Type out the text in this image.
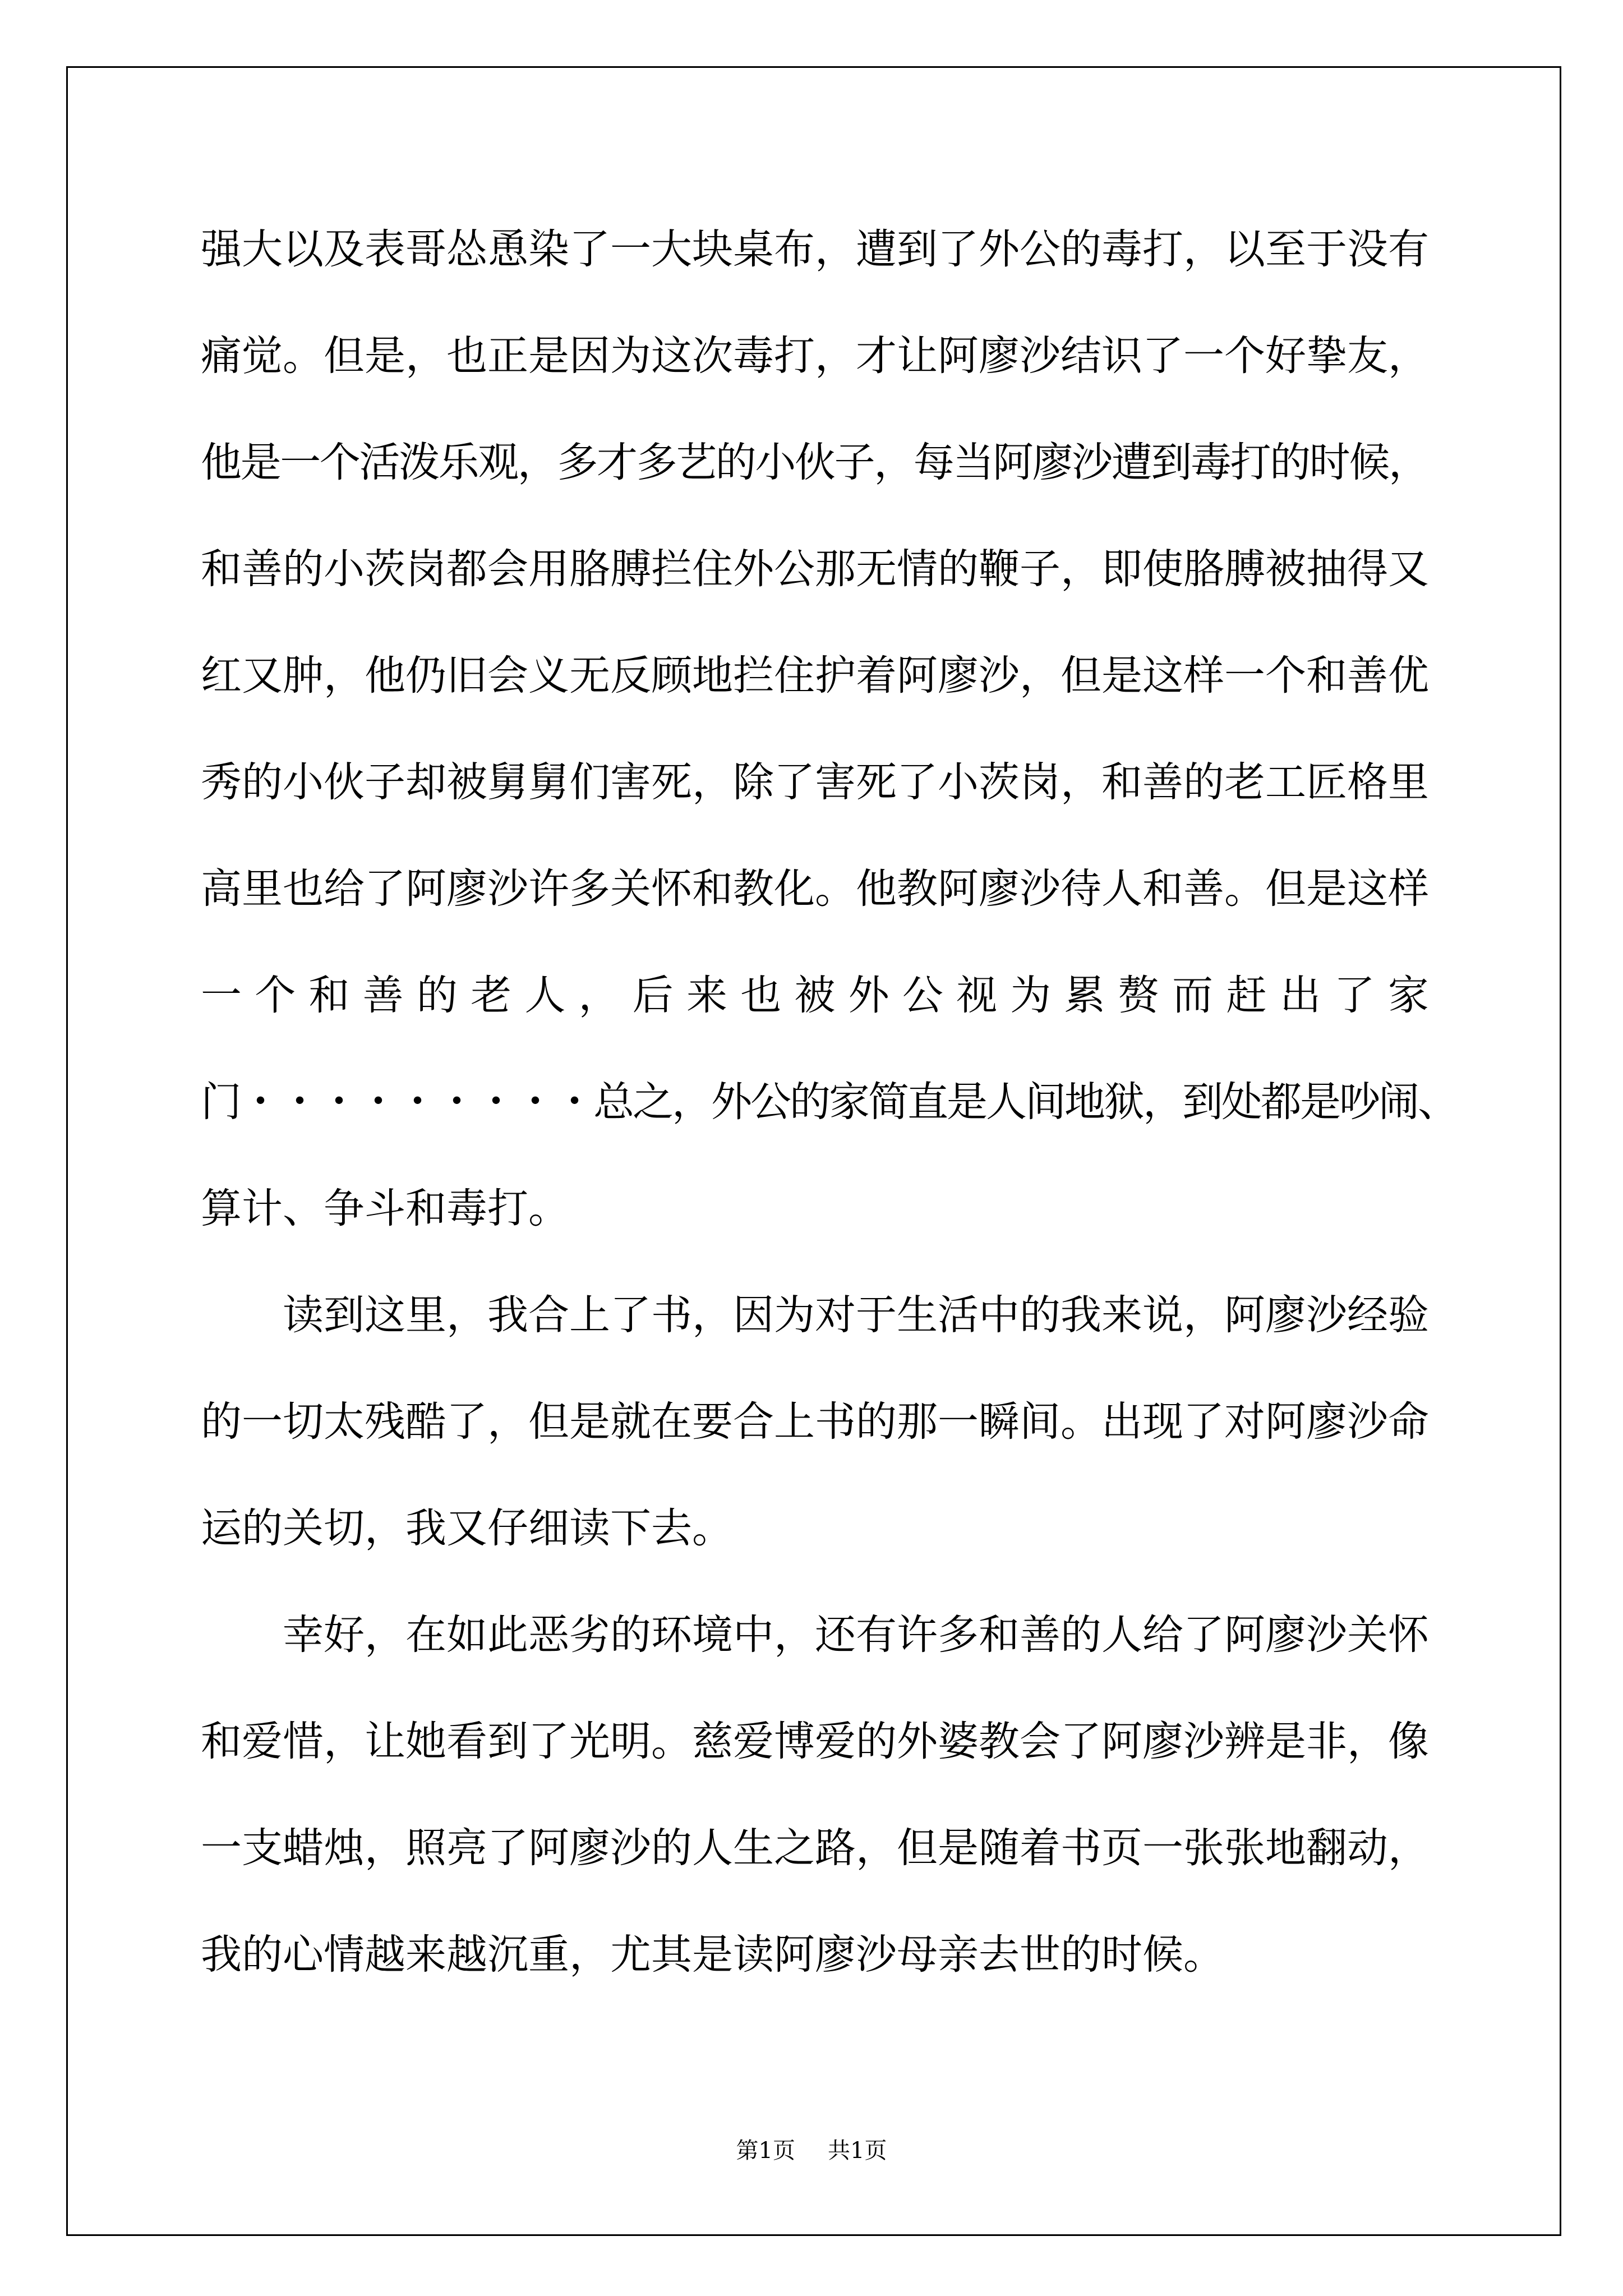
强大以及表哥怂恿染了一大块桌布，遭到了外公的毒打，以至于没有
痛觉。但是，也正是因为这次毒打，才让阿廖沙结识了一个好挚友，
他是一个活泼乐观，多才多艺的小伙子，每当阿廖沙遭到毒打的时候，
和善的小茨岗都会用胳膊拦住外公那无情的鞭子，即使胳膊被抽得又
红又肿，他仍旧会义无反顾地拦住护着阿廖沙，但是这样一个和善优
秀的小伙子却被舅舅们害死，除了害死了小茨岗，和善的老工匠格里
高里也给了阿廖沙许多关怀和教化。他教阿廖沙待人和善。但是这样
一 个 和 善 的 老 人 ， 后 来 也 被 外 公 视 为 累 赘 而 赶 出 了 家
门・・・・・・・・・总之，外公的家简直是人间地狱，到处都是吵闹、
算计、争斗和毒打。
读到这里，我合上了书，因为对于生活中的我来说，阿廖沙经验
的一切太残酷了，但是就在要合上书的那一瞬间。出现了对阿廖沙命
运的关切，我又仔细读下去。
幸好，在如此恶劣的环境中，还有许多和善的人给了阿廖沙关怀
和爱惜，让她看到了光明。慈爱博爱的外婆教会了阿廖沙辨是非，像
一支蜡烛，照亮了阿廖沙的人生之路，但是随着书页一张张地翻动，
我的心情越来越沉重，尤其是读阿廖沙母亲去世的时候。
第1页 共1页
